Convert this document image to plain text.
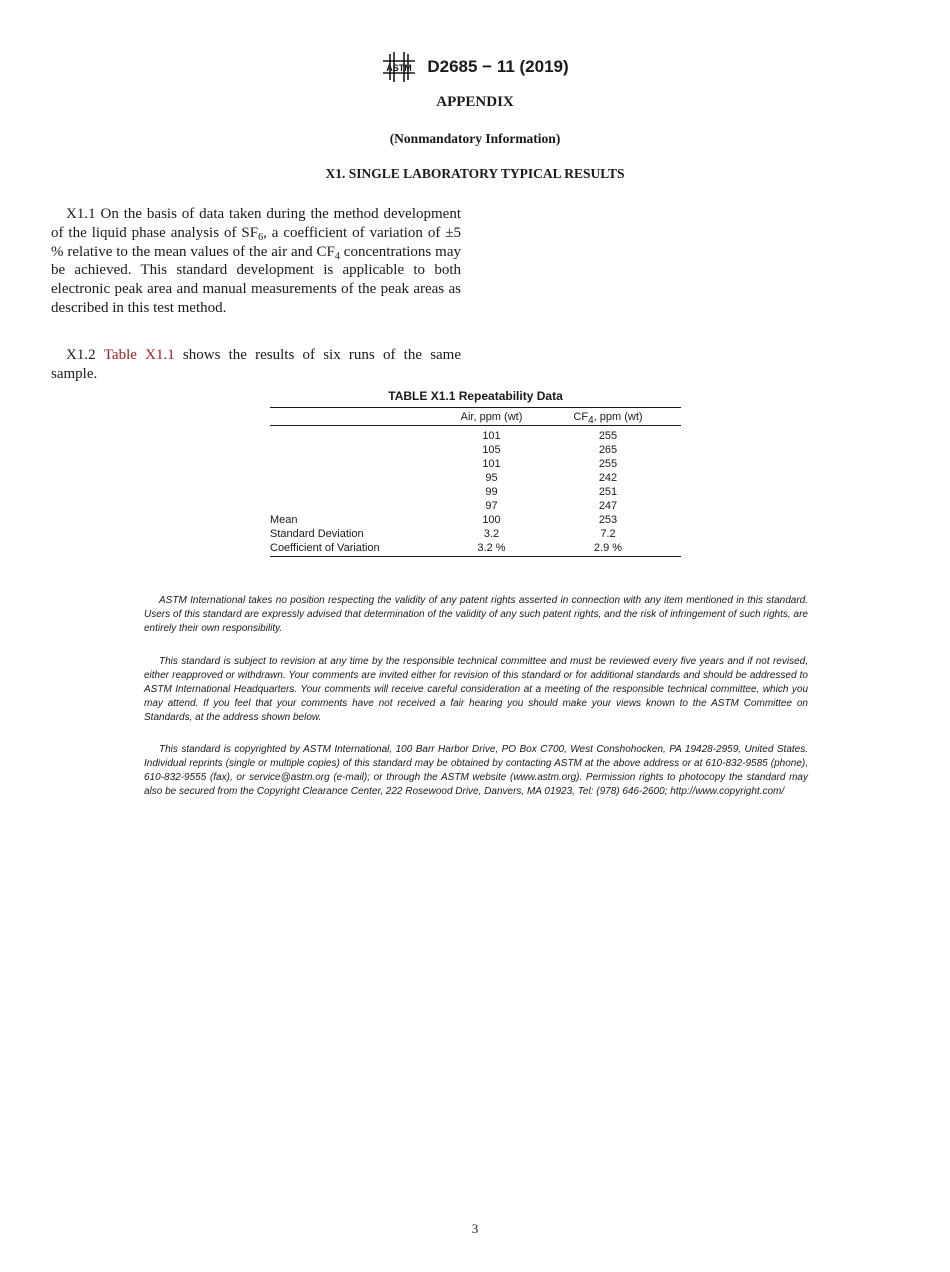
ASTM D2685 − 11 (2019)
APPENDIX
(Nonmandatory Information)
X1. SINGLE LABORATORY TYPICAL RESULTS

X1.1 On the basis of data taken during the method development of the liquid phase analysis of $SF_6$, a coefficient of variation of ±5 % relative to the mean values of the air and $CF_4$ concentrations may be achieved. This standard development is applicable to both electronic peak area and manual measurements of the peak areas as described in this test method.

X1.2 Table X1.1 shows the results of six runs of the same sample.

TABLE X1.1 Repeatability Data
	Air, ppm (wt)	$CF_4$, ppm (wt)
	101	255
	105	265
	101	255
	95	242
	99	251
	97	247
Mean	100	253
Standard Deviation	3.2	7.2
Coefficient of Variation	3.2 %	2.9 %

ASTM International takes no position respecting the validity of any patent rights asserted in connection with any item mentioned in this standard. Users of this standard are expressly advised that determination of the validity of any such patent rights, and the risk of infringement of such rights, are entirely their own responsibility.

This standard is subject to revision at any time by the responsible technical committee and must be reviewed every five years and if not revised, either reapproved or withdrawn. Your comments are invited either for revision of this standard or for additional standards and should be addressed to ASTM International Headquarters. Your comments will receive careful consideration at a meeting of the responsible technical committee, which you may attend. If you feel that your comments have not received a fair hearing you should make your views known to the ASTM Committee on Standards, at the address shown below.

This standard is copyrighted by ASTM International, 100 Barr Harbor Drive, PO Box C700, West Conshohocken, PA 19428-2959, United States. Individual reprints (single or multiple copies) of this standard may be obtained by contacting ASTM at the above address or at 610-832-9585 (phone), 610-832-9555 (fax), or service@astm.org (e-mail); or through the ASTM website (www.astm.org). Permission rights to photocopy the standard may also be secured from the Copyright Clearance Center, 222 Rosewood Drive, Danvers, MA 01923, Tel: (978) 646-2600; http://www.copyright.com/

3
